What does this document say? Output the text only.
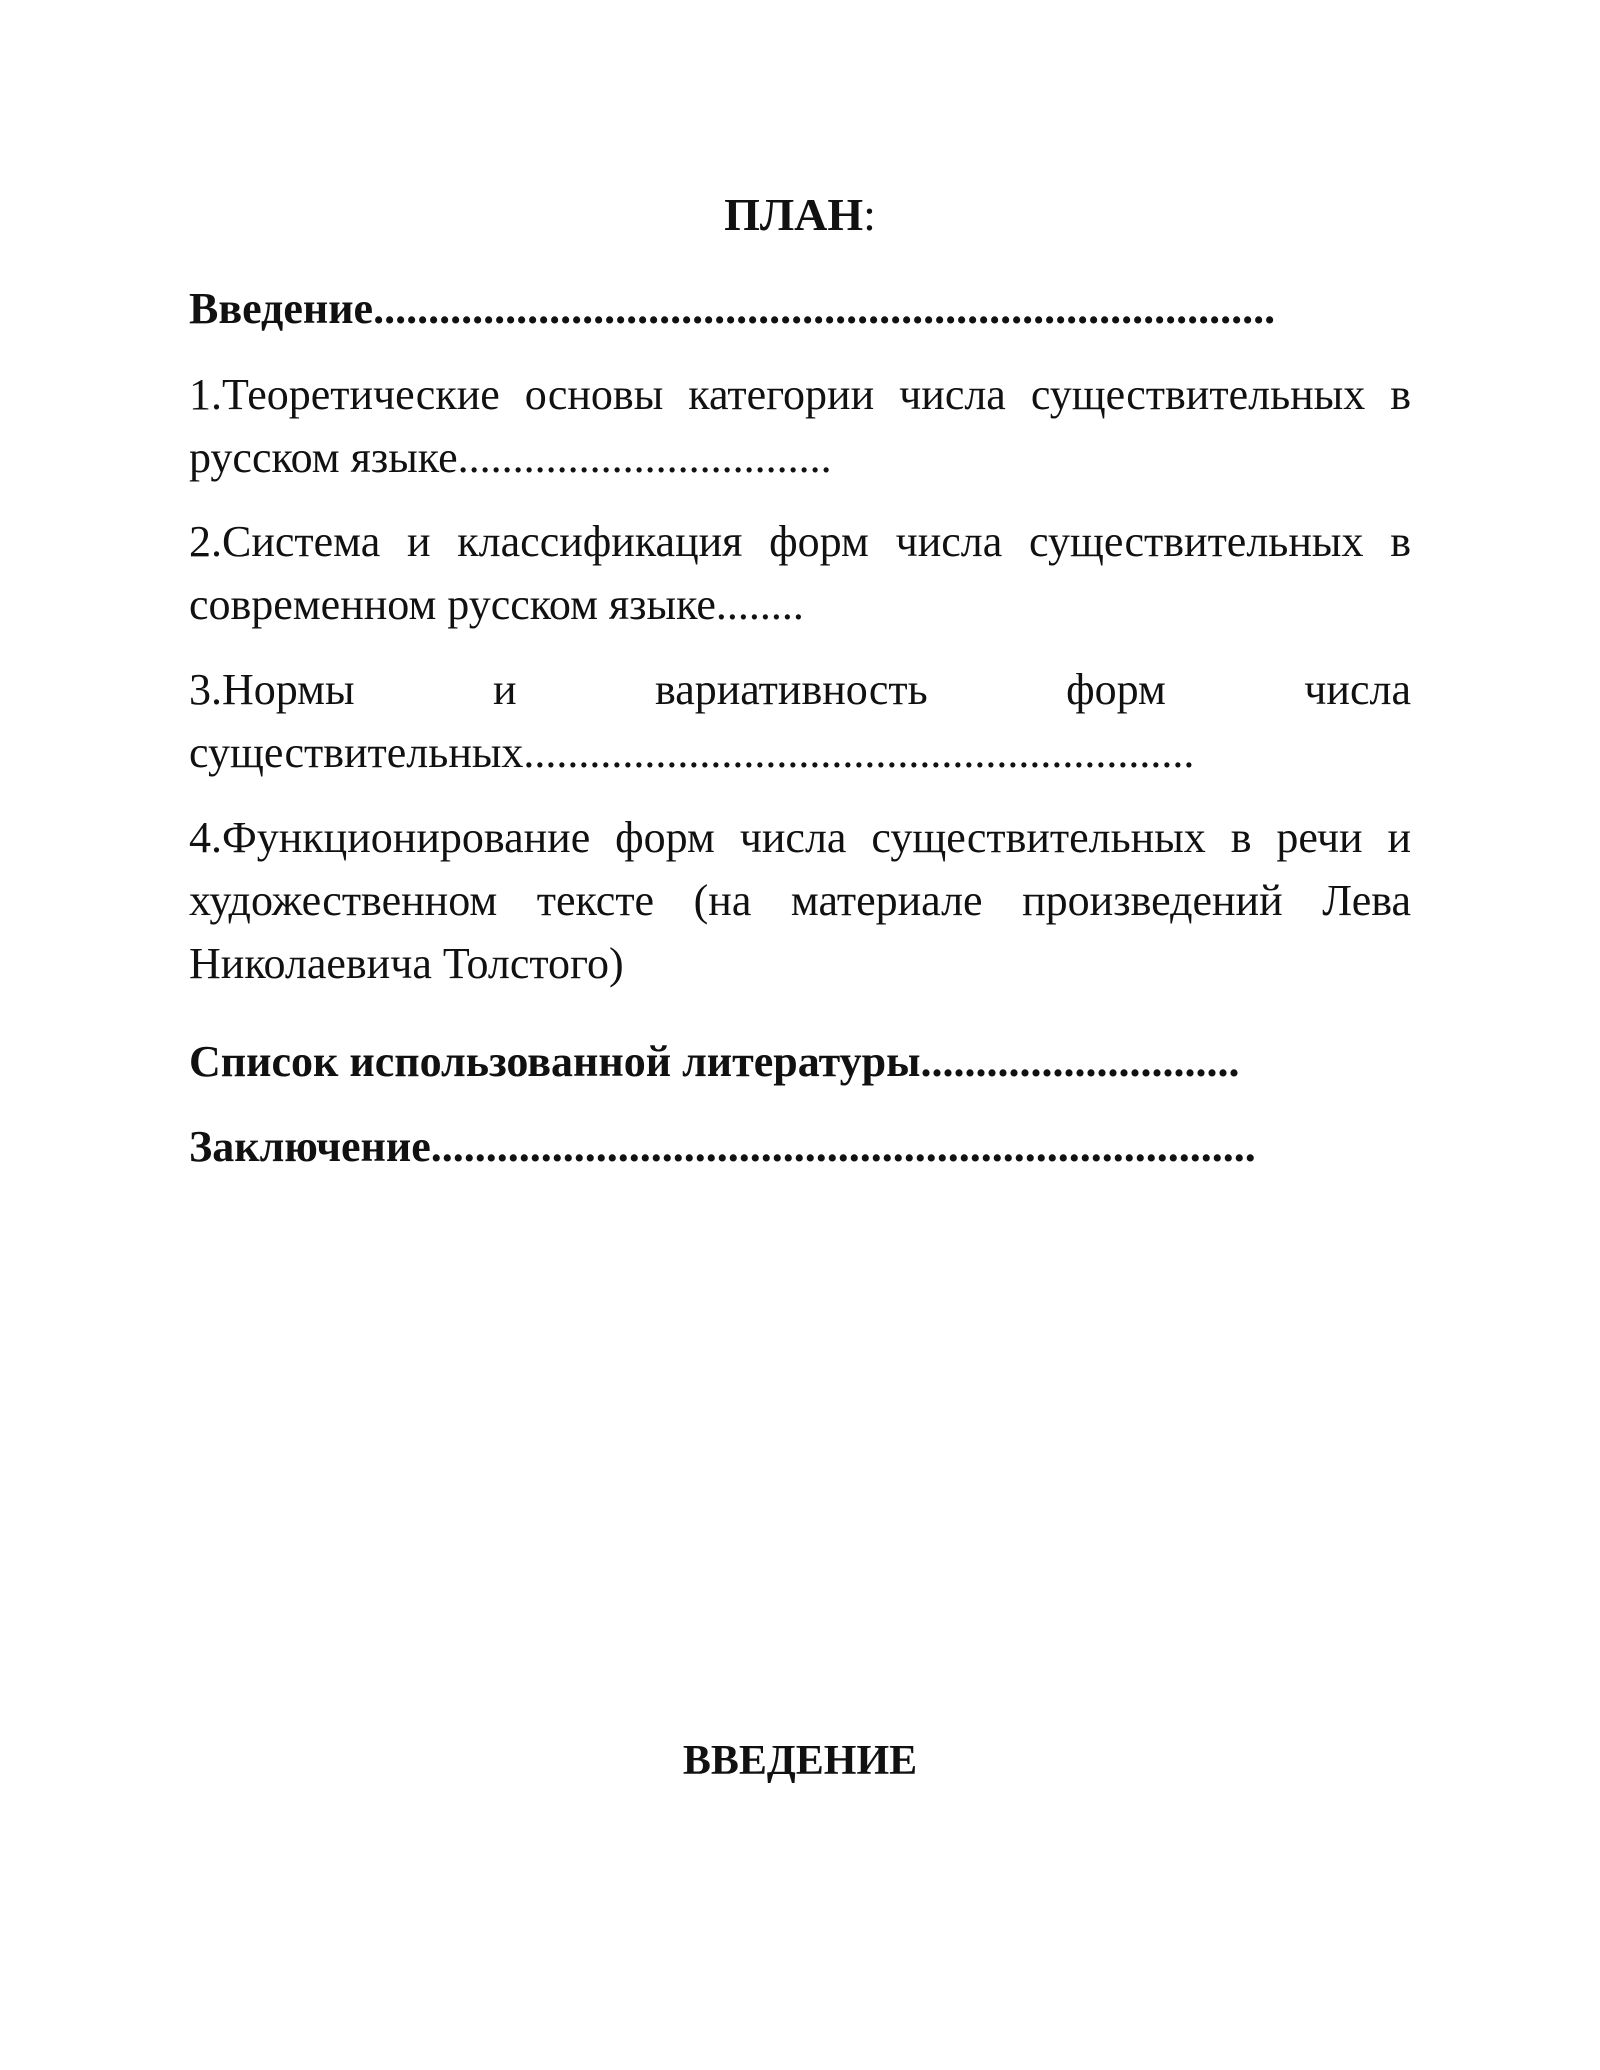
ПЛАН:
Введение..................................................................................
1.Теоретические основы категории числа существительных в русском языке..................................
2.Система и классификация форм числа существительных в современном русском языке........
3.Нормы и вариативность форм числа существительных.............................................................
4.Функционирование форм числа существительных в речи и художественном тексте (на материале произведений Лева Николаевича Толстого)
Список использованной литературы.............................
Заключение...........................................................................
ВВЕДЕНИЕ
